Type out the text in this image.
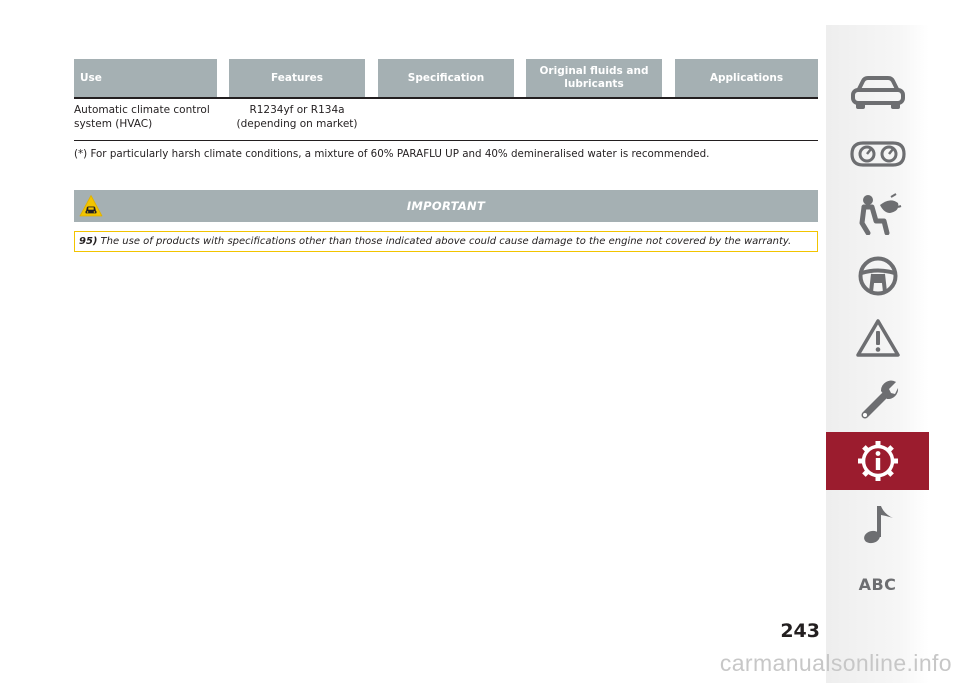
Use	Features	Specification
Original fluids and
lubricants
Applications
Automatic climate control
system (HVAC)
R1234yf or R134a
(depending on market)
(*) For particularly harsh climate conditions, a mixture of 60% PARAFLU UP and 40% demineralised water is recommended.
IMPORTANT
95) The use of products with specifications other than those indicated above could cause damage to the engine not covered by the warranty.
ABC
243
carmanualsonline.info
